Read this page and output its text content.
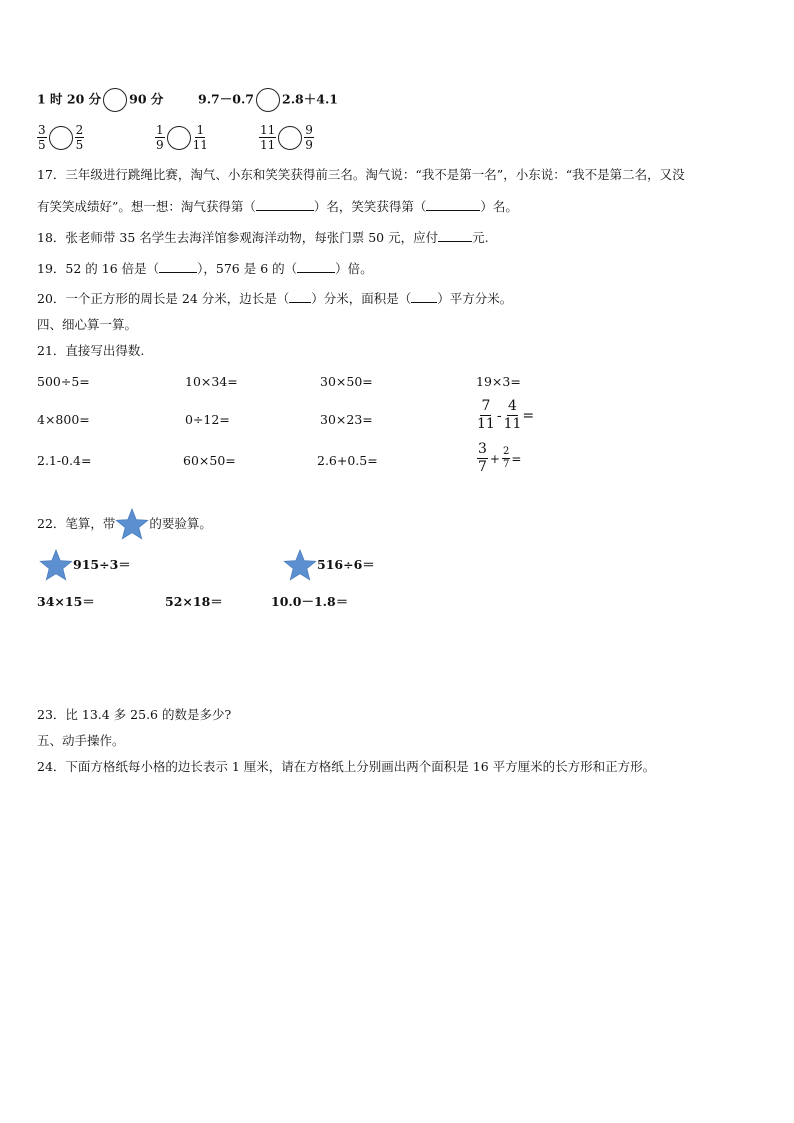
1 时 20 分 90 分	9.7－0.7 2.8＋4.1
$\frac{3}{5} \frac{2}{5}$	$\frac{1}{9} \frac{1}{11}$	$\frac{11}{11} \frac{9}{9}$
17．三年级进行跳绳比赛，淘气、小东和笑笑获得前三名。淘气说：“我不是第一名”，小东说：“我不是第二名，又没
有笑笑成绩好”。想一想：淘气获得第（	）名，笑笑获得第（	）名。
18．张老师带 35 名学生去海洋馆参观海洋动物，每张门票 50 元，应付	元.
19．52 的 16 倍是（	），576 是 6 的（	）倍。
20．一个正方形的周长是 24 分米，边长是（ ）分米，面积是（ ）平方分米。
四、细心算一算。
21．直接写出得数.
500÷5=	10×34=	30×50=	19×3=
4×800=	0÷12=	30×23=	$\frac{7}{11} - \frac{4}{11}$ =
2.1-0.4=	60×50=	2.6+0.5=	$\frac{3}{7} + \frac{2}{7}$ =
22．笔算，带	的要验算。
915÷3＝	516÷6＝
34×15＝	52×18＝	10.0－1.8＝
23．比 13.4 多 25.6 的数是多少?
五、动手操作。
24．下面方格纸每小格的边长表示 1 厘米，请在方格纸上分别画出两个面积是 16 平方厘米的长方形和正方形。
